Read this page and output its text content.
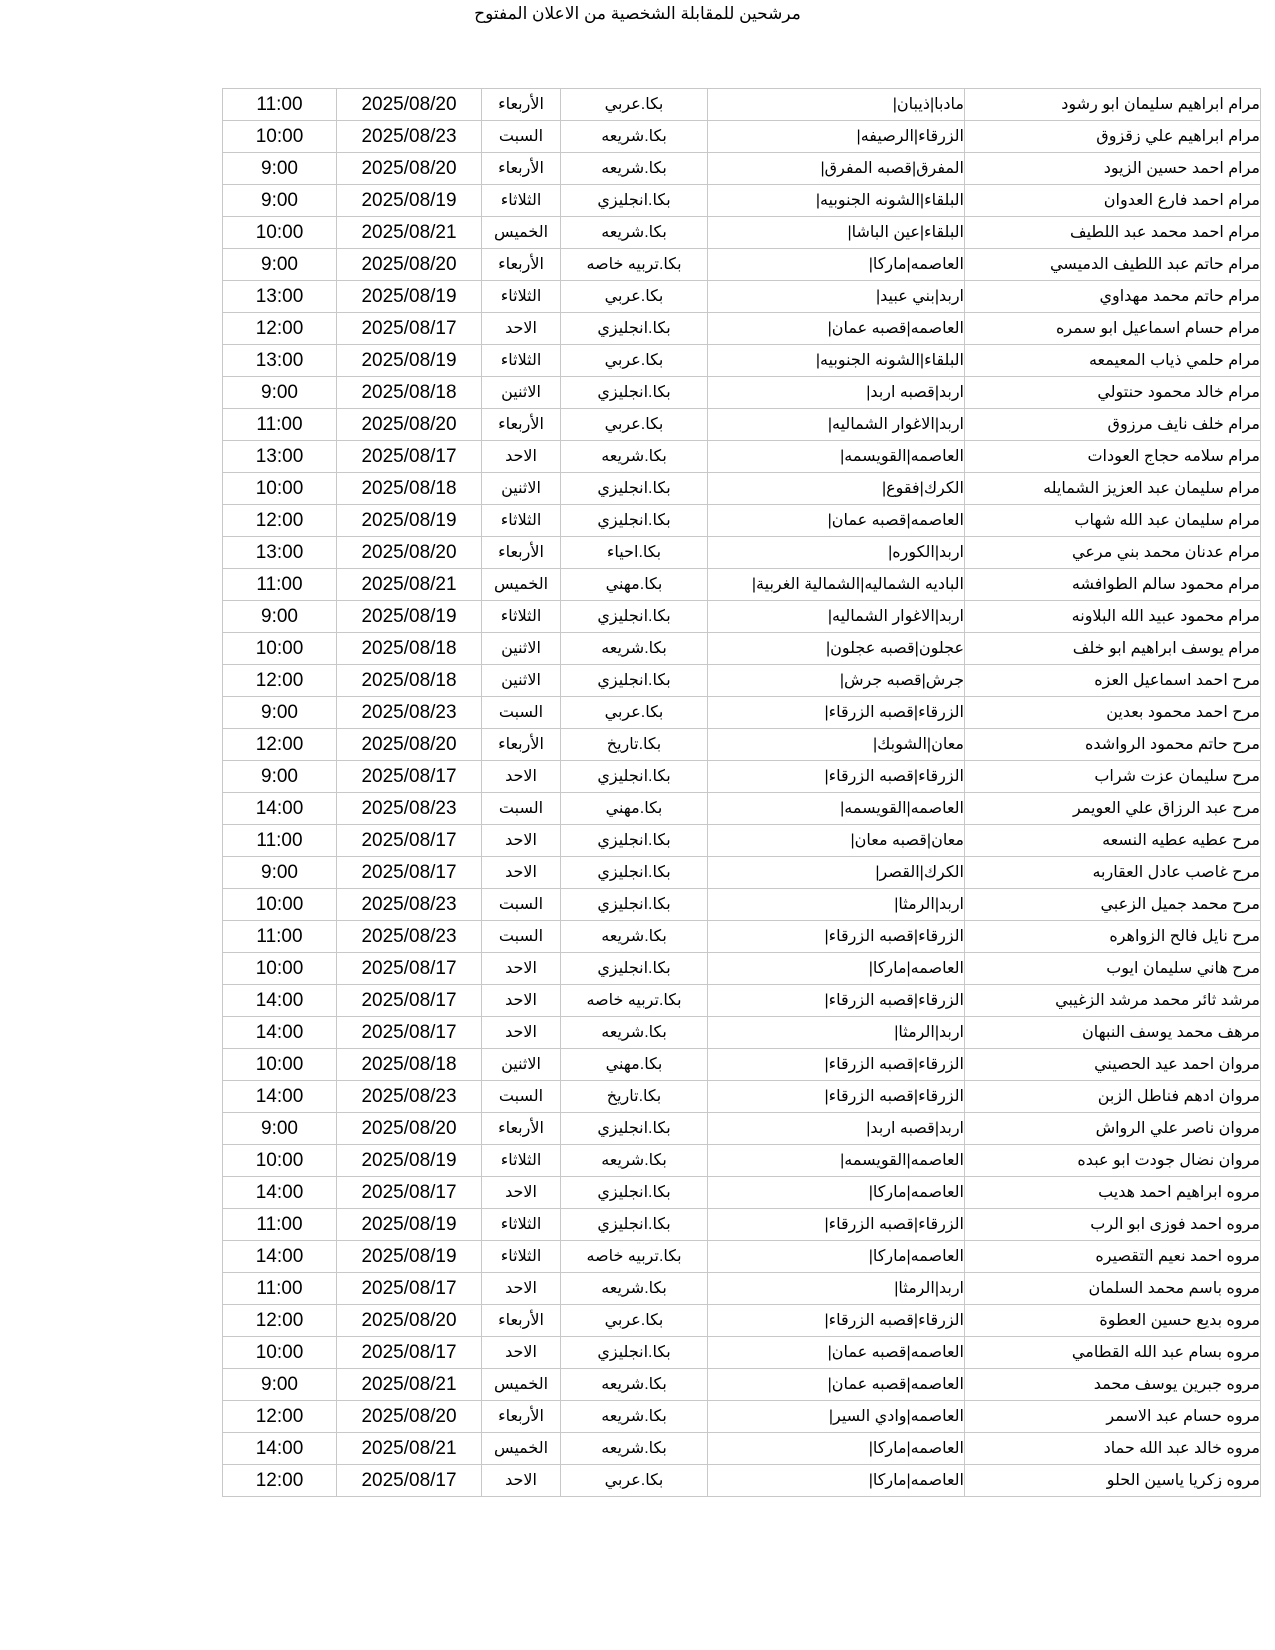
مرشحين للمقابلة الشخصية من الاعلان المفتوح
11:00	2025/08/20	الأربعاء	بكا.عربي	مادبا|ذيبان|	مرام ابراهيم سليمان ابو رشود
10:00	2025/08/23	السبت	بكا.شريعه	الزرقاء|الرصيفه|	مرام ابراهيم علي زقزوق
9:00	2025/08/20	الأربعاء	بكا.شريعه	المفرق|قصبه المفرق|	مرام احمد حسين الزيود
9:00	2025/08/19	الثلاثاء	بكا.انجليزي	البلقاء|الشونه الجنوبيه|	مرام احمد فارع العدوان
10:00	2025/08/21	الخميس	بكا.شريعه	البلقاء|عين الباشا|	مرام احمد محمد عبد اللطيف
9:00	2025/08/20	الأربعاء	بكا.تربيه خاصه	العاصمه|ماركا|	مرام حاتم عبد اللطيف الدميسي
13:00	2025/08/19	الثلاثاء	بكا.عربي	اربد|بني عبيد|	مرام حاتم محمد مهداوي
12:00	2025/08/17	الاحد	بكا.انجليزي	العاصمه|قصبه عمان|	مرام حسام اسماعيل ابو سمره
13:00	2025/08/19	الثلاثاء	بكا.عربي	البلقاء|الشونه الجنوبيه|	مرام حلمي ذياب المعيمعه
9:00	2025/08/18	الاثنين	بكا.انجليزي	اربد|قصبه اربد|	مرام خالد محمود حنتولي
11:00	2025/08/20	الأربعاء	بكا.عربي	اربد|الاغوار الشماليه|	مرام خلف نايف مرزوق
13:00	2025/08/17	الاحد	بكا.شريعه	العاصمه|القويسمه|	مرام سلامه حجاج العودات
10:00	2025/08/18	الاثنين	بكا.انجليزي	الكرك|فقوع|	مرام سليمان عبد العزيز الشمايله
12:00	2025/08/19	الثلاثاء	بكا.انجليزي	العاصمه|قصبه عمان|	مرام سليمان عبد الله شهاب
13:00	2025/08/20	الأربعاء	بكا.احياء	اربد|الكوره|	مرام عدنان محمد بني مرعي
11:00	2025/08/21	الخميس	بكا.مهني	الباديه الشماليه|الشمالية الغربية|	مرام محمود سالم الطوافشه
9:00	2025/08/19	الثلاثاء	بكا.انجليزي	اربد|الاغوار الشماليه|	مرام محمود عبيد الله البلاونه
10:00	2025/08/18	الاثنين	بكا.شريعه	عجلون|قصبه عجلون|	مرام يوسف ابراهيم ابو خلف
12:00	2025/08/18	الاثنين	بكا.انجليزي	جرش|قصبه جرش|	مرح احمد اسماعيل العزه
9:00	2025/08/23	السبت	بكا.عربي	الزرقاء|قصبه الزرقاء|	مرح احمد محمود بعدين
12:00	2025/08/20	الأربعاء	بكا.تاريخ	معان|الشوبك|	مرح حاتم محمود الرواشده
9:00	2025/08/17	الاحد	بكا.انجليزي	الزرقاء|قصبه الزرقاء|	مرح سليمان عزت شراب
14:00	2025/08/23	السبت	بكا.مهني	العاصمه|القويسمه|	مرح عبد الرزاق علي العويمر
11:00	2025/08/17	الاحد	بكا.انجليزي	معان|قصبه معان|	مرح عطيه عطيه النسعه
9:00	2025/08/17	الاحد	بكا.انجليزي	الكرك|القصر|	مرح غاصب عادل العقاربه
10:00	2025/08/23	السبت	بكا.انجليزي	اربد|الرمثا|	مرح محمد جميل الزعبي
11:00	2025/08/23	السبت	بكا.شريعه	الزرقاء|قصبه الزرقاء|	مرح نايل فالح الزواهره
10:00	2025/08/17	الاحد	بكا.انجليزي	العاصمه|ماركا|	مرح هاني سليمان ايوب
14:00	2025/08/17	الاحد	بكا.تربيه خاصه	الزرقاء|قصبه الزرقاء|	مرشد ثائر محمد مرشد الزغيبي
14:00	2025/08/17	الاحد	بكا.شريعه	اربد|الرمثا|	مرهف محمد يوسف النبهان
10:00	2025/08/18	الاثنين	بكا.مهني	الزرقاء|قصبه الزرقاء|	مروان احمد عيد الحصيني
14:00	2025/08/23	السبت	بكا.تاريخ	الزرقاء|قصبه الزرقاء|	مروان ادهم فناطل الزبن
9:00	2025/08/20	الأربعاء	بكا.انجليزي	اربد|قصبه اربد|	مروان ناصر علي الرواش
10:00	2025/08/19	الثلاثاء	بكا.شريعه	العاصمه|القويسمه|	مروان نضال جودت ابو عبده
14:00	2025/08/17	الاحد	بكا.انجليزي	العاصمه|ماركا|	مروه ابراهيم احمد هديب
11:00	2025/08/19	الثلاثاء	بكا.انجليزي	الزرقاء|قصبه الزرقاء|	مروه احمد فوزى ابو الرب
14:00	2025/08/19	الثلاثاء	بكا.تربيه خاصه	العاصمه|ماركا|	مروه احمد نعيم التقصيره
11:00	2025/08/17	الاحد	بكا.شريعه	اربد|الرمثا|	مروه باسم محمد السلمان
12:00	2025/08/20	الأربعاء	بكا.عربي	الزرقاء|قصبه الزرقاء|	مروه بديع حسين العطوة
10:00	2025/08/17	الاحد	بكا.انجليزي	العاصمه|قصبه عمان|	مروه بسام عبد الله القطامي
9:00	2025/08/21	الخميس	بكا.شريعه	العاصمه|قصبه عمان|	مروه جبرين يوسف محمد
12:00	2025/08/20	الأربعاء	بكا.شريعه	العاصمه|وادي السير|	مروه حسام عبد الاسمر
14:00	2025/08/21	الخميس	بكا.شريعه	العاصمه|ماركا|	مروه خالد عبد الله حماد
12:00	2025/08/17	الاحد	بكا.عربي	العاصمه|ماركا|	مروه زكريا ياسين الحلو
